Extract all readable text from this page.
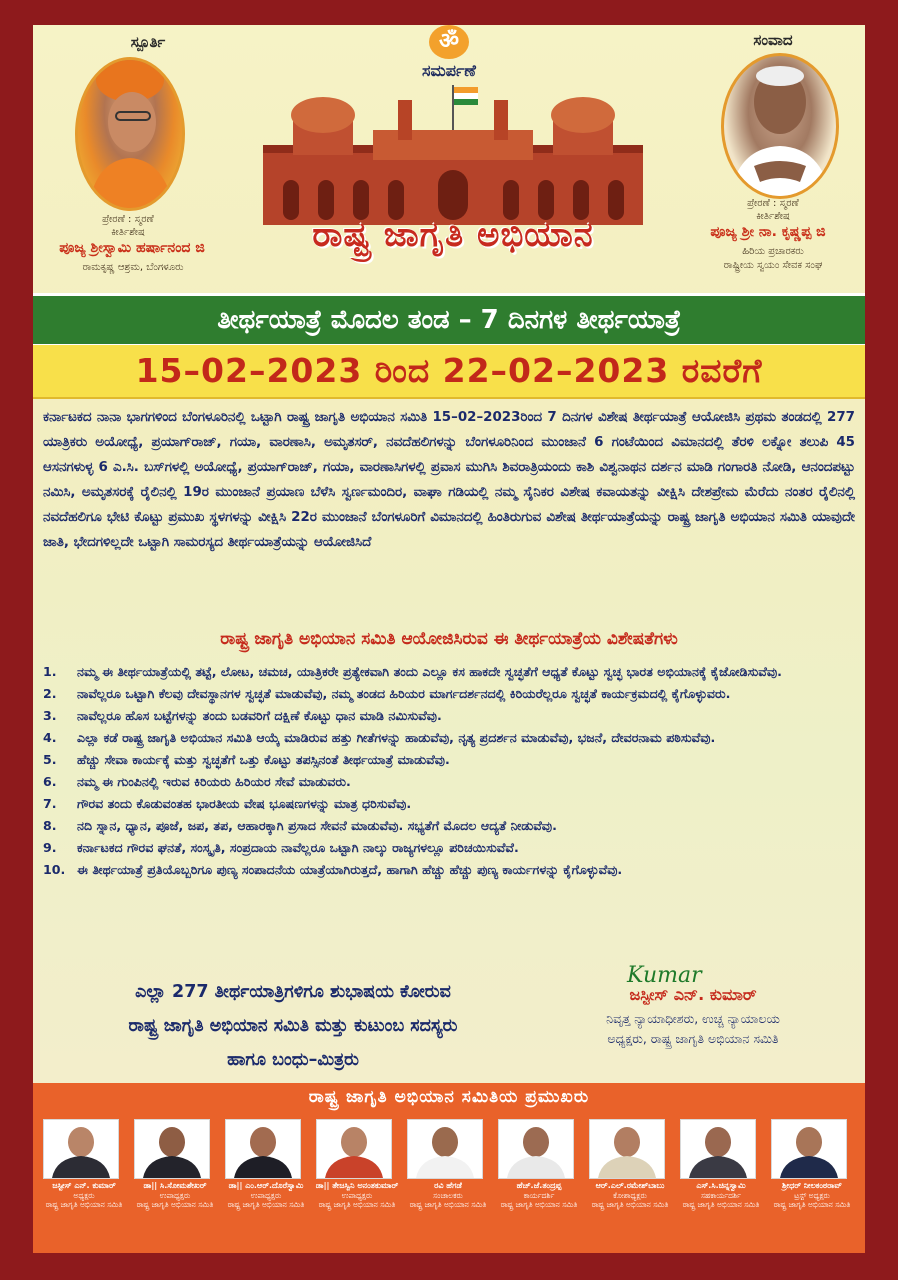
ಸ್ಪೂರ್ತಿ
ಪ್ರೇರಣೆ : ಸ್ಮರಣೆ
ಕೀರ್ತಿಶೇಷ
ಪೂಜ್ಯ ಶ್ರೀಸ್ವಾಮಿ ಹರ್ಷಾನಂದ ಜಿ
ರಾಮಕೃಷ್ಣ ಆಶ್ರಮ, ಬೆಂಗಳೂರು
ॐ
ಸಮರ್ಪಣೆ
ರಾಷ್ಟ್ರ ಜಾಗೃತಿ ಅಭಿಯಾನ
ಸಂವಾದ
ಪ್ರೇರಣೆ : ಸ್ಮರಣೆ
ಕೀರ್ತಿಶೇಷ
ಪೂಜ್ಯ ಶ್ರೀ ನಾ. ಕೃಷ್ಣಪ್ಪ ಜಿ
ಹಿರಿಯ ಪ್ರಚಾರಕರು
ರಾಷ್ಟ್ರೀಯ ಸ್ವಯಂ ಸೇವಕ ಸಂಘ
ತೀರ್ಥಯಾತ್ರೆ ಮೊದಲ ತಂಡ – 7 ದಿನಗಳ ತೀರ್ಥಯಾತ್ರೆ
15–02–2023 ರಿಂದ 22–02–2023 ರವರೆಗೆ
ಕರ್ನಾಟಕದ ನಾನಾ ಭಾಗಗಳಿಂದ ಬೆಂಗಳೂರಿನಲ್ಲಿ ಒಟ್ಟಾಗಿ ರಾಷ್ಟ್ರ ಜಾಗೃತಿ ಅಭಿಯಾನ ಸಮಿತಿ 15–02–2023ರಿಂದ 7 ದಿನಗಳ ವಿಶೇಷ ತೀರ್ಥಯಾತ್ರೆ ಆಯೋಜಿಸಿ ಪ್ರಥಮ ತಂಡದಲ್ಲಿ 277 ಯಾತ್ರಿಕರು ಅಯೋಧ್ಯೆ, ಪ್ರಯಾಗ್‌ರಾಜ್, ಗಯಾ, ವಾರಣಾಸಿ, ಅಮೃತಸರ್, ನವದೆಹಲಿಗಳನ್ನು ಬೆಂಗಳೂರಿನಿಂದ ಮುಂಜಾನೆ 6 ಗಂಟೆಯಿಂದ ವಿಮಾನದಲ್ಲಿ ತೆರಳಿ ಲಕ್ನೋ ತಲುಪಿ 45 ಆಸನಗಳುಳ್ಳ 6 ಎ.ಸಿ. ಬಸ್‌ಗಳಲ್ಲಿ ಅಯೋಧ್ಯೆ, ಪ್ರಯಾಗ್‌ರಾಜ್, ಗಯಾ, ವಾರಣಾಸಿಗಳಲ್ಲಿ ಪ್ರವಾಸ ಮುಗಿಸಿ ಶಿವರಾತ್ರಿಯಂದು ಕಾಶಿ ವಿಶ್ವನಾಥನ ದರ್ಶನ ಮಾಡಿ ಗಂಗಾರತಿ ನೋಡಿ, ಆನಂದಪಟ್ಟು ನಮಿಸಿ, ಅಮೃತಸರಕ್ಕೆ ರೈಲಿನಲ್ಲಿ 19ರ ಮುಂಜಾನೆ ಪ್ರಯಾಣ ಬೆಳೆಸಿ ಸ್ವರ್ಣಮಂದಿರ, ವಾಘಾ ಗಡಿಯಲ್ಲಿ ನಮ್ಮ ಸೈನಿಕರ ವಿಶೇಷ ಕವಾಯತನ್ನು ವೀಕ್ಷಿಸಿ ದೇಶಪ್ರೇಮ ಮೆರೆದು ನಂತರ ರೈಲಿನಲ್ಲಿ ನವದೆಹಲಿಗೂ ಭೇಟಿ ಕೊಟ್ಟು ಪ್ರಮುಖ ಸ್ಥಳಗಳನ್ನು ವೀಕ್ಷಿಸಿ 22ರ ಮುಂಜಾನೆ ಬೆಂಗಳೂರಿಗೆ ವಿಮಾನದಲ್ಲಿ ಹಿಂತಿರುಗುವ ವಿಶೇಷ ತೀರ್ಥಯಾತ್ರೆಯನ್ನು ರಾಷ್ಟ್ರ ಜಾಗೃತಿ ಅಭಿಯಾನ ಸಮಿತಿ ಯಾವುದೇ ಜಾತಿ, ಭೇದಗಳಿಲ್ಲದೇ ಒಟ್ಟಾಗಿ ಸಾಮರಸ್ಯದ ತೀರ್ಥಯಾತ್ರೆಯನ್ನು ಆಯೋಜಿಸಿದೆ
ರಾಷ್ಟ್ರ ಜಾಗೃತಿ ಅಭಿಯಾನ ಸಮಿತಿ ಆಯೋಜಿಸಿರುವ ಈ ತೀರ್ಥಯಾತ್ರೆಯ ವಿಶೇಷತೆಗಳು
1. ನಮ್ಮ ಈ ತೀರ್ಥಯಾತ್ರೆಯಲ್ಲಿ ತಟ್ಟೆ, ಲೋಟ, ಚಮಚ, ಯಾತ್ರಿಕರೇ ಪ್ರತ್ಯೇಕವಾಗಿ ತಂದು ಎಲ್ಲೂ ಕಸ ಹಾಕದೇ ಸ್ವಚ್ಛತೆಗೆ ಆಧ್ಯತೆ ಕೊಟ್ಟು ಸ್ವಚ್ಛ ಭಾರತ ಅಭಿಯಾನಕ್ಕೆ ಕೈಜೋಡಿಸುವೆವು.
2. ನಾವೆಲ್ಲರೂ ಒಟ್ಟಾಗಿ ಕೆಲವು ದೇವಸ್ಥಾನಗಳ ಸ್ವಚ್ಛತೆ ಮಾಡುವೆವು, ನಮ್ಮ ತಂಡದ ಹಿರಿಯರ ಮಾರ್ಗದರ್ಶನದಲ್ಲಿ ಕಿರಿಯರೆಲ್ಲರೂ ಸ್ವಚ್ಛತೆ ಕಾರ್ಯಕ್ರಮದಲ್ಲಿ ಕೈಗೊಳ್ಳುವರು.
3. ನಾವೆಲ್ಲರೂ ಹೊಸ ಬಟ್ಟೆಗಳನ್ನು ತಂದು ಬಡವರಿಗೆ ದಕ್ಷಿಣೆ ಕೊಟ್ಟು ಧಾನ ಮಾಡಿ ನಮಿಸುವೆವು.
4. ಎಲ್ಲಾ ಕಡೆ ರಾಷ್ಟ್ರ ಜಾಗೃತಿ ಅಭಿಯಾನ ಸಮಿತಿ ಆಯ್ಕೆ ಮಾಡಿರುವ ಹತ್ತು ಗೀತೆಗಳನ್ನು ಹಾಡುವೆವು, ನೃತ್ಯ ಪ್ರದರ್ಶನ ಮಾಡುವೆವು, ಭಜನೆ, ದೇವರನಾಮ ಪಠಿಸುವೆವು.
5. ಹೆಚ್ಚು ಸೇವಾ ಕಾರ್ಯಕ್ಕೆ ಮತ್ತು ಸ್ವಚ್ಛತೆಗೆ ಒತ್ತು ಕೊಟ್ಟು ತಪಸ್ಸಿನಂತೆ ತೀರ್ಥಯಾತ್ರೆ ಮಾಡುವೆವು.
6. ನಮ್ಮ ಈ ಗುಂಪಿನಲ್ಲಿ ಇರುವ ಕಿರಿಯರು ಹಿರಿಯರ ಸೇವೆ ಮಾಡುವರು.
7. ಗೌರವ ತಂದು ಕೊಡುವಂತಹ ಭಾರತೀಯ ವೇಷ ಭೂಷಣಗಳನ್ನು ಮಾತ್ರ ಧರಿಸುವೆವು.
8. ನದಿ ಸ್ನಾನ, ಧ್ಯಾನ, ಪೂಜೆ, ಜಪ, ತಪ, ಆಹಾರಕ್ಕಾಗಿ ಪ್ರಸಾದ ಸೇವನೆ ಮಾಡುವೆವು. ಸಭ್ಯತೆಗೆ ಮೊದಲ ಆದ್ಯತೆ ನೀಡುವೆವು.
9. ಕರ್ನಾಟಕದ ಗೌರವ ಘನತೆ, ಸಂಸ್ಕೃತಿ, ಸಂಪ್ರದಾಯ ನಾವೆಲ್ಲರೂ ಒಟ್ಟಾಗಿ ನಾಲ್ಕು ರಾಜ್ಯಗಳಲ್ಲೂ ಪರಿಚಯಿಸುವೆವೆ.
10. ಈ ತೀರ್ಥಯಾತ್ರೆ ಪ್ರತಿಯೊಬ್ಬರಿಗೂ ಪುಣ್ಯ ಸಂಪಾದನೆಯ ಯಾತ್ರೆಯಾಗಿರುತ್ತದೆ, ಹಾಗಾಗಿ ಹೆಚ್ಚು ಹೆಚ್ಚು ಪುಣ್ಯ ಕಾರ್ಯಗಳನ್ನು ಕೈಗೊಳ್ಳುವೆವು.
ಎಲ್ಲಾ 277 ತೀರ್ಥಯಾತ್ರಿಗಳಿಗೂ ಶುಭಾಷಯ ಕೋರುವ
ರಾಷ್ಟ್ರ ಜಾಗೃತಿ ಅಭಿಯಾನ ಸಮಿತಿ ಮತ್ತು ಕುಟುಂಬ ಸದಸ್ಯರು
ಹಾಗೂ ಬಂಧು–ಮಿತ್ರರು
Kumar
ಜಸ್ಟೀಸ್ ಎನ್. ಕುಮಾರ್
ನಿವೃತ್ತ ನ್ಯಾಯಾಧೀಶರು, ಉಚ್ಚ ನ್ಯಾಯಾಲಯ
ಅಧ್ಯಕ್ಷರು, ರಾಷ್ಟ್ರ ಜಾಗೃತಿ ಅಭಿಯಾನ ಸಮಿತಿ
ರಾಷ್ಟ್ರ ಜಾಗೃತಿ ಅಭಿಯಾನ ಸಮಿತಿಯ ಪ್ರಮುಖರು
ಜಸ್ಟೀಸ್ ಎನ್. ಕುಮಾರ್
ಅಧ್ಯಕ್ಷರು
ರಾಷ್ಟ್ರ ಜಾಗೃತಿ ಅಭಿಯಾನ ಸಮಿತಿ
ಡಾ|| ಸಿ.ಸೋಮಶೇಖರ್
ಉಪಾಧ್ಯಕ್ಷರು
ರಾಷ್ಟ್ರ ಜಾಗೃತಿ ಅಭಿಯಾನ ಸಮಿತಿ
ಡಾ|| ಎಂ.ಆರ್.ದೊರೆಸ್ವಾಮಿ
ಉಪಾಧ್ಯಕ್ಷರು
ರಾಷ್ಟ್ರ ಜಾಗೃತಿ ಅಭಿಯಾನ ಸಮಿತಿ
ಡಾ|| ತೇಜಸ್ವಿನಿ ಅನಂತಕುಮಾರ್
ಉಪಾಧ್ಯಕ್ಷರು
ರಾಷ್ಟ್ರ ಜಾಗೃತಿ ಅಭಿಯಾನ ಸಮಿತಿ
ರವಿ ಹೆಗಡೆ
ಸಂಚಾಲಕರು
ರಾಷ್ಟ್ರ ಜಾಗೃತಿ ಅಭಿಯಾನ ಸಮಿತಿ
ಹೆಚ್.ಜೆ.ತಂದ್ರಪ್ಪ
ಕಾರ್ಯದರ್ಶಿ
ರಾಷ್ಟ್ರ ಜಾಗೃತಿ ಅಭಿಯಾನ ಸಮಿತಿ
ಆರ್.ಎಲ್.ರಮೇಶ್‌ಬಾಬು
ಕೋಶಾಧ್ಯಕ್ಷರು
ರಾಷ್ಟ್ರ ಜಾಗೃತಿ ಅಭಿಯಾನ ಸಮಿತಿ
ಎಸ್.ಸಿ.ಚಿನ್ನಸ್ವಾಮಿ
ಸಹಕಾರ್ಯದರ್ಶಿ
ರಾಷ್ಟ್ರ ಜಾಗೃತಿ ಅಭಿಯಾನ ಸಮಿತಿ
ಶ್ರೀಧರ್ ನೀಲಕಂಠರಾವ್
ಟ್ರಸ್ಟ್ ಅಧ್ಯಕ್ಷರು
ರಾಷ್ಟ್ರ ಜಾಗೃತಿ ಅಭಿಯಾನ ಸಮಿತಿ
